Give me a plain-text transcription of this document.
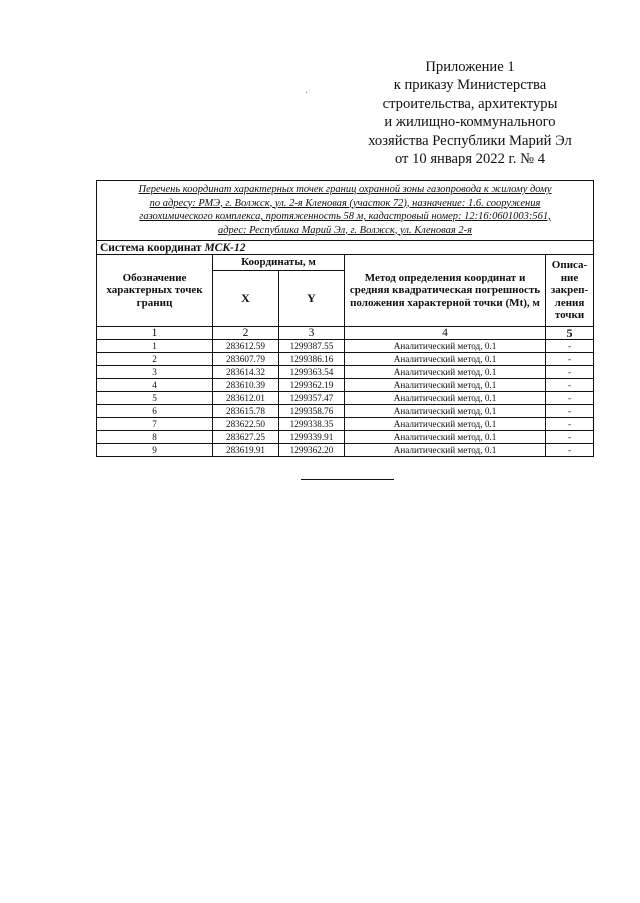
Приложение 1
к приказу Министерства
строительства, архитектуры
и жилищно-коммунального
хозяйства Республики Марий Эл
от 10 января 2022 г. № 4
·
Перечень координат характерных точек границ охранной зоны газопровода к жилому дому
по адресу: РМЭ, г. Волжск, ул. 2-я Кленовая (участок 72), назначение: 1.6. сооружения
газохимического комплекса, протяженность 58 м, кадастровый номер: 12:16:0601003:561,
адрес: Республика Марий Эл, г. Волжск, ул. Кленовая 2-я				

Система координат МСК-12				
Обозначение характерных точек границ	Координаты, м		Метод определения координат и средняя квадратическая погрешность положения характерной точки (Mt), м	Описа-ние закреп-ления точки
	X	Y		
1	2	3	4	5
1	283612.59	1299387.55	Аналитический метод, 0.1	-
2	283607.79	1299386.16	Аналитический метод, 0.1	-
3	283614.32	1299363.54	Аналитический метод, 0.1	-
4	283610.39	1299362.19	Аналитический метод, 0.1	-
5	283612.01	1299357.47	Аналитический метод, 0.1	-
6	283615.78	1299358.76	Аналитический метод, 0.1	-
7	283622.50	1299338.35	Аналитический метод, 0.1	-
8	283627.25	1299339.91	Аналитический метод, 0.1	-
9	283619.91	1299362.20	Аналитический метод, 0.1	-
